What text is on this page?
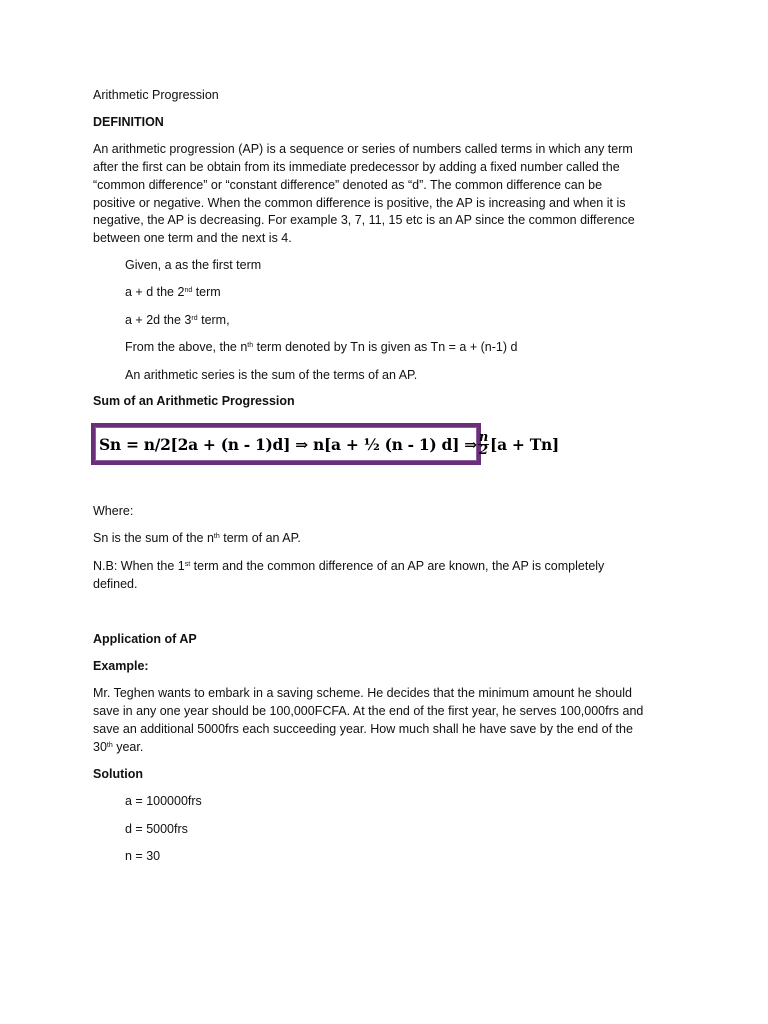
Arithmetic Progression
DEFINITION
An arithmetic progression (AP) is a sequence or series of numbers called terms in which any term
after the first can be obtain from its immediate predecessor by adding a fixed number called the
“common difference” or “constant difference” denoted as “d”. The common difference can be
positive or negative. When the common difference is positive, the AP is increasing and when it is
negative, the AP is decreasing. For example 3, 7, 11, 15 etc is an AP since the common difference
between one term and the next is 4.
Given, a as the first term
a + d the 2nd term
a + 2d the 3rd term,
From the above, the $n^{th}$ term denoted by Tn is given as Tn = a + (n-1) d
An arithmetic series is the sum of the terms of an AP.
Sum of an Arithmetic Progression
Sn = n/2[2a + (n - 1)d] ⇒ n[a + ½ (n - 1) d] ⇒ $\frac{n}{2} [a + Tn]$
Where:
Sn is the sum of the $n^{th}$ term of an AP.
N.B: When the 1st term and the common difference of an AP are known, the AP is completely
defined.
Application of AP
Example:
Mr. Teghen wants to embark in a saving scheme. He decides that the minimum amount he should
save in any one year should be 100,000FCFA. At the end of the first year, he serves 100,000frs and
save an additional 5000frs each succeeding year. How much shall he have save by the end of the
30th year.
Solution
a = 100000frs
d = 5000frs
n = 30
